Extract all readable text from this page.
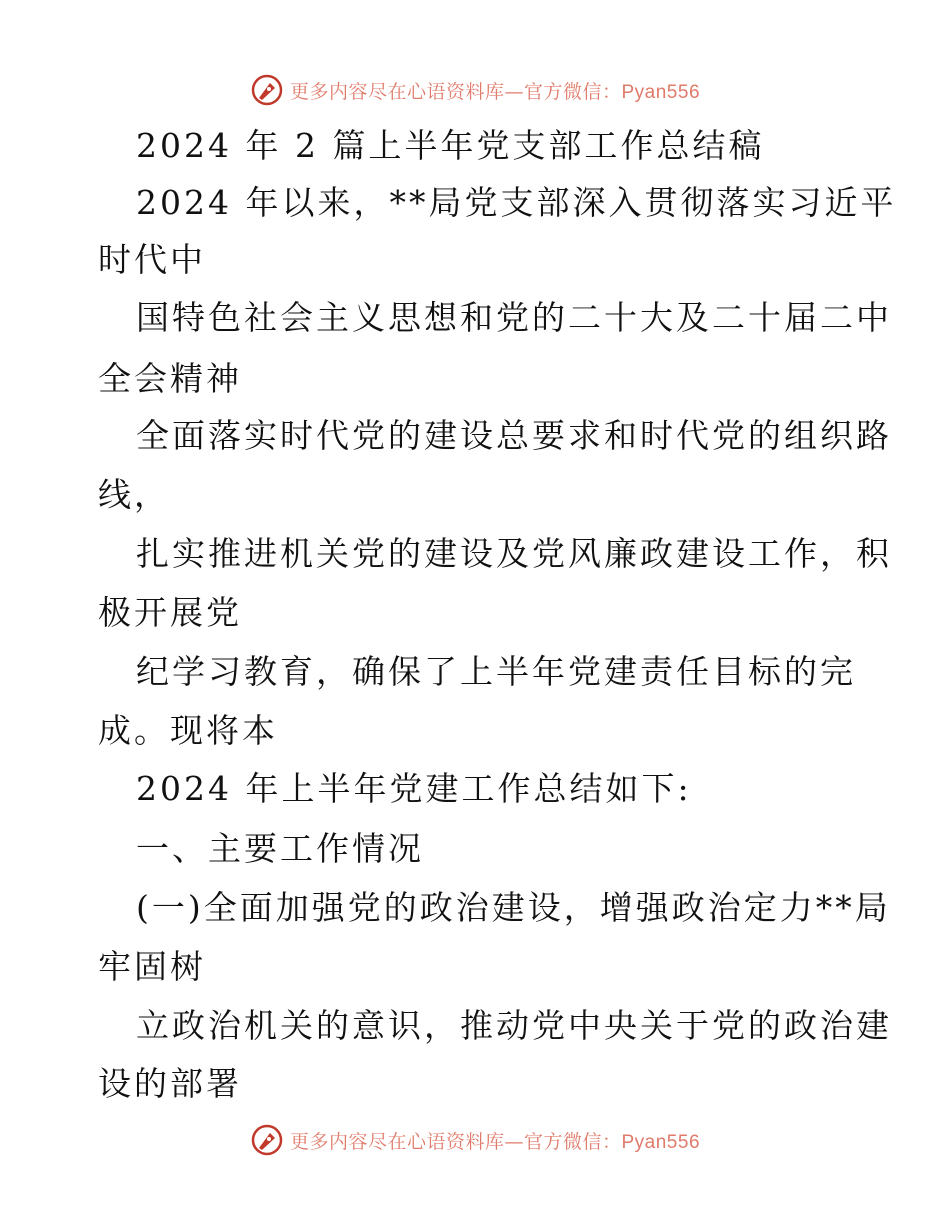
更多内容尽在心语资料库—官方微信：Pyan556
2024 年 2 篇上半年党支部工作总结稿
2024 年以来，**局党支部深入贯彻落实习近平
时代中
国特色社会主义思想和党的二十大及二十届二中
全会精神
全面落实时代党的建设总要求和时代党的组织路
线，
扎实推进机关党的建设及党风廉政建设工作，积
极开展党
纪学习教育，确保了上半年党建责任目标的完
成。现将本
2024 年上半年党建工作总结如下:
一、主要工作情况
(一)全面加强党的政治建设，增强政治定力**局
牢固树
立政治机关的意识，推动党中央关于党的政治建
设的部署
更多内容尽在心语资料库—官方微信：Pyan556
